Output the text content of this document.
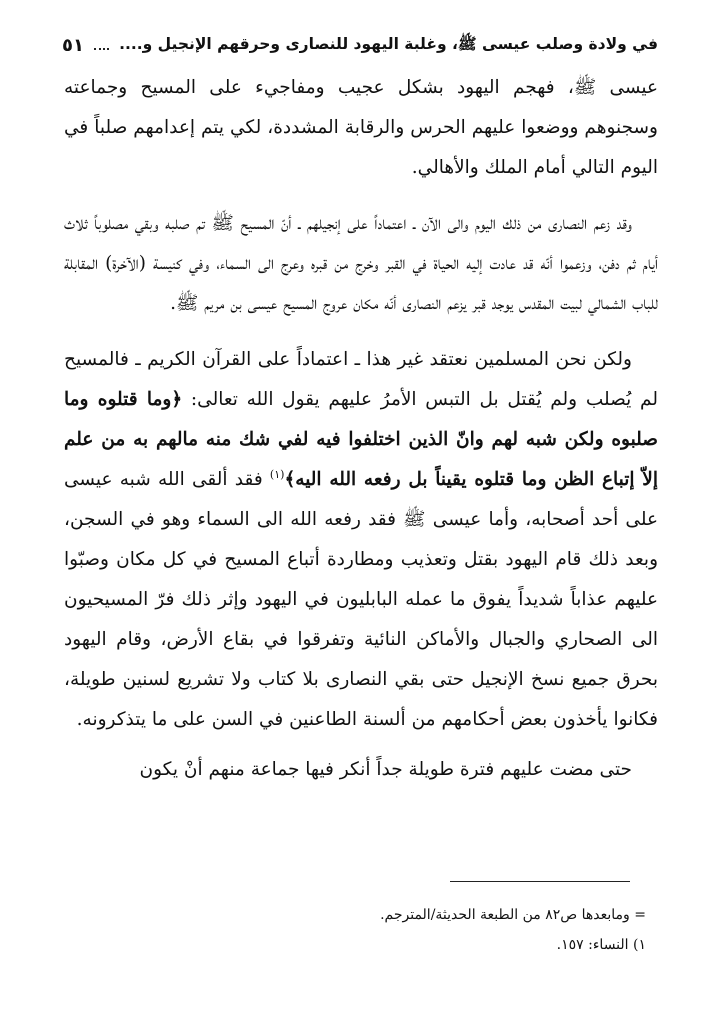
في ولادة وصلب عيسى ﷺ، وغلبة اليهود للنصارى وحرقهم الإنجيل و....
٥١

عيسى ﷺ، فهجم اليهود بشكل عجيب ومفاجيء على المسيح وجماعته وسجنوهم ووضعوا عليهم الحرس والرقابة المشددة، لكي يتم إعدامهم صلباً في اليوم التالي أمام الملك والأهالي.

وقد زعم النصارى من ذلك اليوم والى الآن ـ اعتماداً على إنجيلهم ـ أنّ المسيح ﷺ تم صلبه وبقي مصلوباً ثلاث أيام ثم دفن، وزعموا أنّه قد عادت إليه الحياة في القبر وخرج من قبره وعرج الى السماء، وفي كنيسة (الآخرة) المقابلة للباب الشمالي لبيت المقدس يوجد قبر يزعم النصارى أنّه مكان عروج المسيح عيسى بن مريم ﷺ.

ولكن نحن المسلمين نعتقد غير هذا ـ اعتماداً على القرآن الكريم ـ فالمسيح لم يُصلب ولم يُقتل بل التبس الأمرُ عليهم يقول الله تعالى: ﴿وما قتلوه وما صلبوه ولكن شبه لهم وانّ الذين اختلفوا فيه لفي شك منه مالهم به من علم إلاّ إتباع الظن وما قتلوه يقيناً بل رفعه الله اليه﴾$^{(١)}$ فقد ألقى الله شبه عيسى على أحد أصحابه، وأما عيسى ﷺ فقد رفعه الله الى السماء وهو في السجن، وبعد ذلك قام اليهود بقتل وتعذيب ومطاردة أتباع المسيح في كل مكان وصبّوا عليهم عذاباً شديداً يفوق ما عمله البابليون في اليهود وإثر ذلك فرّ المسيحيون الى الصحاري والجبال والأماكن النائية وتفرقوا في بقاع الأرض، وقام اليهود بحرق جميع نسخ الإنجيل حتى بقي النصارى بلا كتاب ولا تشريع لسنين طويلة، فكانوا يأخذون بعض أحكامهم من ألسنة الطاعنين في السن على ما يتذكرونه.

حتى مضت عليهم فترة طويلة جداً أنكر فيها جماعة منهم أنْ يكون

= ومابعدها ص٨٢ من الطبعة الحديثة/المترجم.
١) النساء: ١٥٧.
